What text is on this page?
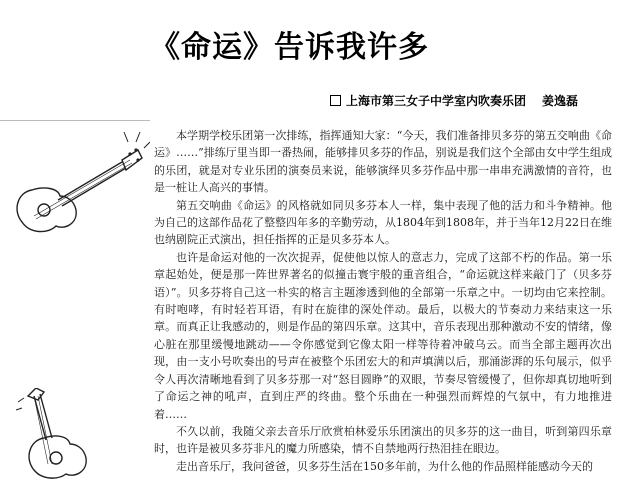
《命运》告诉我许多
上海市第三女子中学室内吹奏乐团 姜逸磊

本学期学校乐团第一次排练，指挥通知大家：“今天，我们准备排贝多芬的第五交响曲《命运》……”排练厅里当即一番热闹，能够排贝多芬的作品，别说是我们这个全部由女中学生组成的乐团，就是对专业乐团的演奏员来说，能够演绎贝多芬作品中那一串串充满激情的音符，也是一桩让人高兴的事情。

第五交响曲《命运》的风格就如同贝多芬本人一样，集中表现了他的活力和斗争精神。他为自己的这部作品花了整整四年多的辛勤劳动，从1804年到1808年，并于当年12月22日在维也纳剧院正式演出，担任指挥的正是贝多芬本人。

也许是命运对他的一次次捉弄，促使他以惊人的意志力，完成了这部不朽的作品。第一乐章起始处，便是那一阵世界著名的似撞击寰宇般的重音组合，“命运就这样来敲门了（贝多芬语）”。贝多芬将自己这一朴实的格言主题渗透到他的全部第一乐章之中。一切均由它来控制。有时咆哮，有时轻若耳语，有时在旋律的深处伴动。最后，以极大的节奏动力来结束这一乐章。而真正让我感动的，则是作品的第四乐章。这其中，音乐表现出那种激动不安的情绪，像心脏在那里缓慢地跳动——令你感觉到它像太阳一样等待着冲破乌云。而当全部主题再次出现，由一支小号吹奏出的号声在被整个乐团宏大的和声填满以后，那涌澎湃的乐句展示，似乎令人再次清晰地看到了贝多芬那一对“怒目圆睁”的双眼，节奏尽管缓慢了，但你却真切地听到了命运之神的吼声，直到庄严的终曲。整个乐曲在一种强烈而辉煌的气氛中，有力地推进着……

不久以前，我随父亲去音乐厅欣赏柏林爱乐乐团演出的贝多芬的这一曲目，听到第四乐章时，也许是被贝多芬非凡的魔力所感染，情不自禁地两行热泪挂在眼边。

走出音乐厅，我问爸爸，贝多芬生活在150多年前，为什么他的作品照样能感动今天的
